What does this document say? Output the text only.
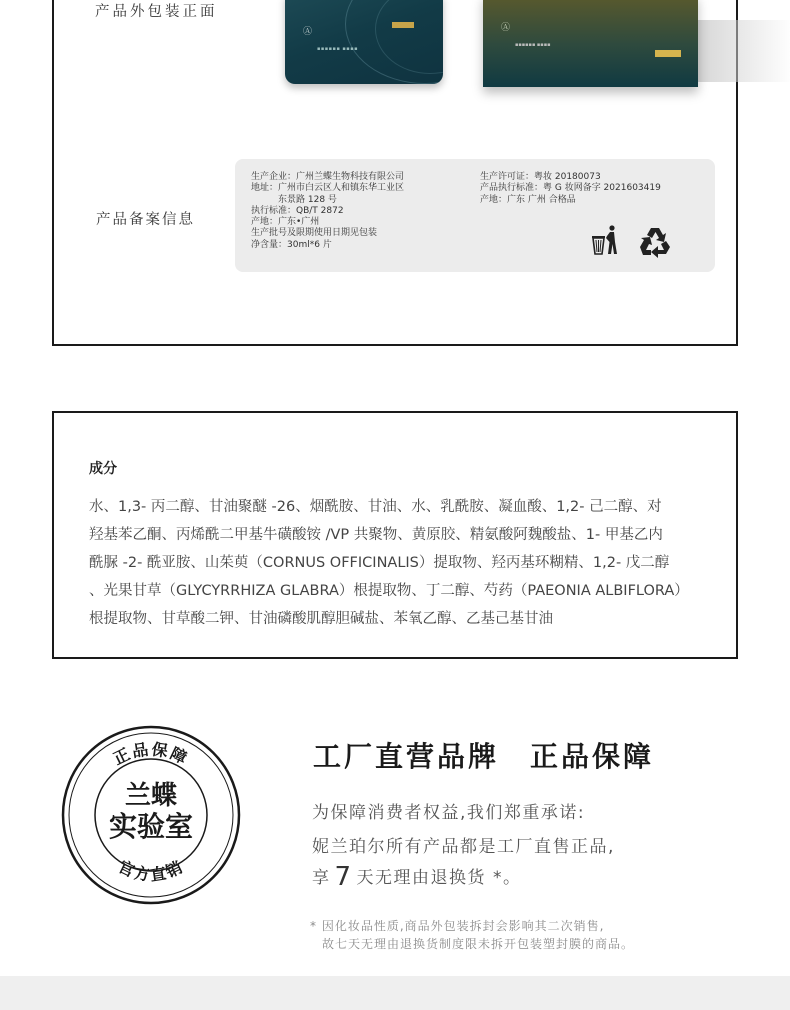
产品外包装正面
Ⓐ
▪▪▪▪▪▪ ▪▪▪▪
Ⓐ
▪▪▪▪▪▪ ▪▪▪▪
产品备案信息
生产企业：广州兰蝶生物科技有限公司
地址：广州市白云区人和镇东华工业区
东景路 128 号
执行标准：QB/T 2872
产地：广东•广州
生产批号及限期使用日期见包装
净含量：30ml*6 片
生产许可证：粤妆 20180073
产品执行标准：粤 G 妆网备字 2021603419
产地：广东 广州 合格品
成分
水、1,3- 丙二醇、甘油聚醚 -26、烟酰胺、甘油、水、乳酰胺、凝血酸、1,2- 己二醇、对
羟基苯乙酮、丙烯酰二甲基牛磺酸铵 /VP 共聚物、黄原胶、精氨酸阿魏酸盐、1- 甲基乙内
酰脲 -2- 酰亚胺、山茱萸（CORNUS OFFICINALIS）提取物、羟丙基环糊精、1,2- 戊二醇
、光果甘草（GLYCYRRHIZA GLABRA）根提取物、丁二醇、芍药（PAEONIA ALBIFLORA）
根提取物、甘草酸二钾、甘油磷酸肌醇胆碱盐、苯氧乙醇、乙基己基甘油
正品保障
官方直销
兰蝶
实验室
工厂直营品牌　正品保障
为保障消费者权益,我们郑重承诺:
妮兰珀尔所有产品都是工厂直售正品,
享 7 天无理由退换货 *。
* 因化妆品性质,商品外包装拆封会影响其二次销售,
故七天无理由退换货制度限未拆开包装塑封膜的商品。
